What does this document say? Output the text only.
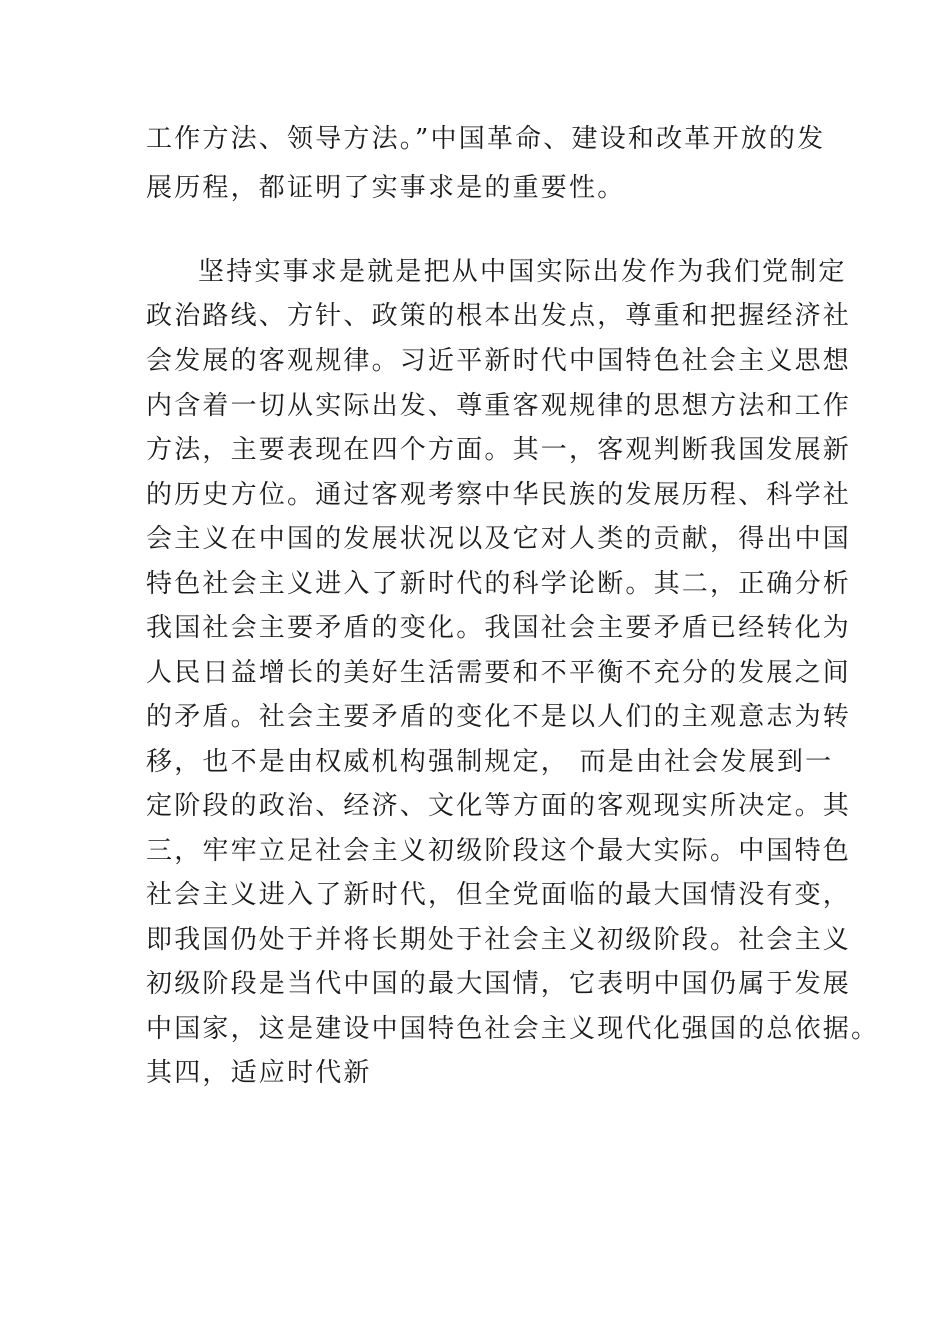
工作方法、领导方法。”中国革命、建设和改革开放的发
展历程，都证明了实事求是的重要性。
坚持实事求是就是把从中国实际出发作为我们党制定
政治路线、方针、政策的根本出发点，尊重和把握经济社
会发展的客观规律。习近平新时代中国特色社会主义思想
内含着一切从实际出发、尊重客观规律的思想方法和工作
方法，主要表现在四个方面。其一，客观判断我国发展新
的历史方位。通过客观考察中华民族的发展历程、科学社
会主义在中国的发展状况以及它对人类的贡献，得出中国
特色社会主义进入了新时代的科学论断。其二，正确分析
我国社会主要矛盾的变化。我国社会主要矛盾已经转化为
人民日益增长的美好生活需要和不平衡不充分的发展之间
的矛盾。社会主要矛盾的变化不是以人们的主观意志为转
移，也不是由权威机构强制规定， 而是由社会发展到一
定阶段的政治、经济、文化等方面的客观现实所决定。其
三，牢牢立足社会主义初级阶段这个最大实际。中国特色
社会主义进入了新时代，但全党面临的最大国情没有变，
即我国仍处于并将长期处于社会主义初级阶段。社会主义
初级阶段是当代中国的最大国情，它表明中国仍属于发展
中国家，这是建设中国特色社会主义现代化强国的总依据。
其四，适应时代新
